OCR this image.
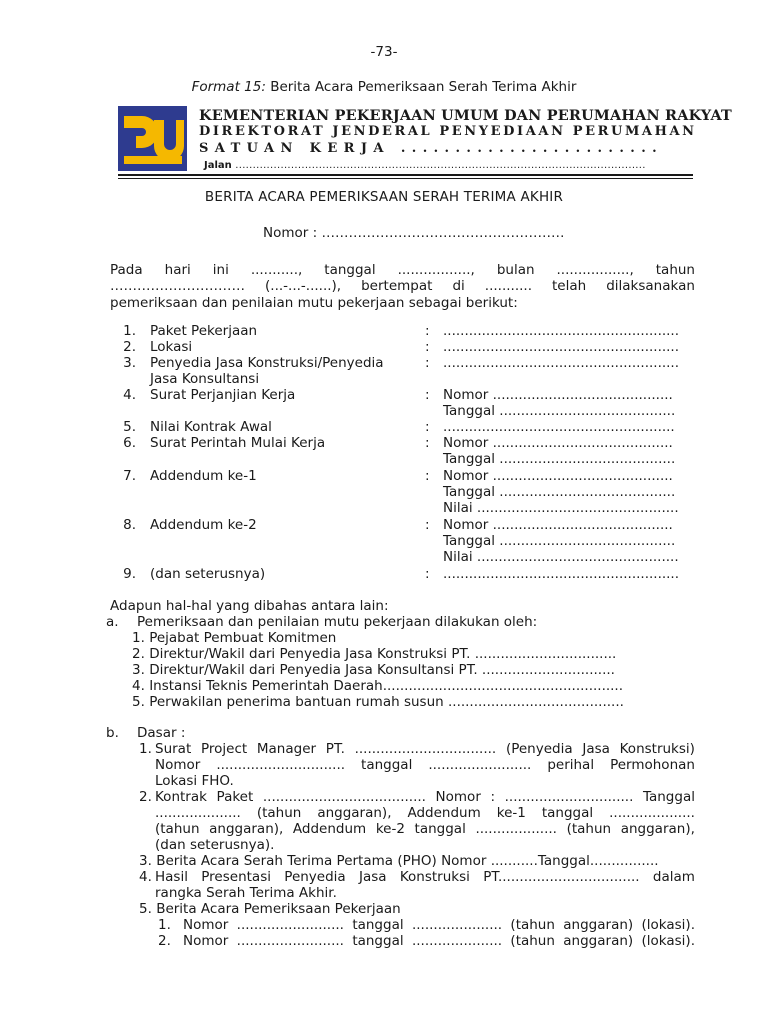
-73-
Format 15: Berita Acara Pemeriksaan Serah Terima Akhir
KEMENTERIAN PEKERJAAN UMUM DAN PERUMAHAN RAKYAT
DIREKTORAT JENDERAL PENYEDIAAN PERUMAHAN
SATUAN KERJA ........................
Jalan ......................................................................................................................
BERITA ACARA PEMERIKSAAN SERAH TERIMA AKHIR
Nomor : ………………………………………………
Pada hari ini ..........., tanggal ................., bulan ................., tahun
………………………… (...-...-......), bertempat di ........... telah dilaksanakan
pemeriksaan dan penilaian mutu pekerjaan sebagai berikut:
1. Paket Pekerjaan	: .......................................................
2. Lokasi	: .......................................................
3. Penyedia Jasa Konstruksi/Penyedia	: .......................................................
Jasa Konsultansi
4. Surat Perjanjian Kerja	: Nomor ..........................................
Tanggal .........................................
5. Nilai Kontrak Awal	: ......................................................
6. Surat Perintah Mulai Kerja	: Nomor ..........................................
Tanggal .........................................
7. Addendum ke-1	: Nomor ..........................................
Tanggal .........................................
Nilai ...............................................
8. Addendum ke-2	: Nomor ..........................................
Tanggal .........................................
Nilai ...............................................
9. (dan seterusnya)	: .......................................................
Adapun hal-hal yang dibahas antara lain:
a. Pemeriksaan dan penilaian mutu pekerjaan dilakukan oleh:
1. Pejabat Pembuat Komitmen
2. Direktur/Wakil dari Penyedia Jasa Konstruksi PT. .................................
3. Direktur/Wakil dari Penyedia Jasa Konsultansi PT. ...............................
4. Instansi Teknis Pemerintah Daerah........................................................
5. Perwakilan penerima bantuan rumah susun .........................................
b. Dasar :
1. Surat Project Manager PT. ................................. (Penyedia Jasa Konstruksi)
Nomor .............................. tanggal ........................ perihal Permohonan
Lokasi FHO.
2. Kontrak Paket ...................................... Nomor : .............................. Tanggal
.................... (tahun anggaran), Addendum ke-1 tanggal ....................
(tahun anggaran), Addendum ke-2 tanggal ................... (tahun anggaran),
(dan seterusnya).
3. Berita Acara Serah Terima Pertama (PHO) Nomor ...........Tanggal................
4. Hasil Presentasi Penyedia Jasa Konstruksi PT................................. dalam
rangka Serah Terima Akhir.
5. Berita Acara Pemeriksaan Pekerjaan
1. Nomor ......................... tanggal ..................... (tahun anggaran) (lokasi).
2. Nomor ......................... tanggal ..................... (tahun anggaran) (lokasi).
